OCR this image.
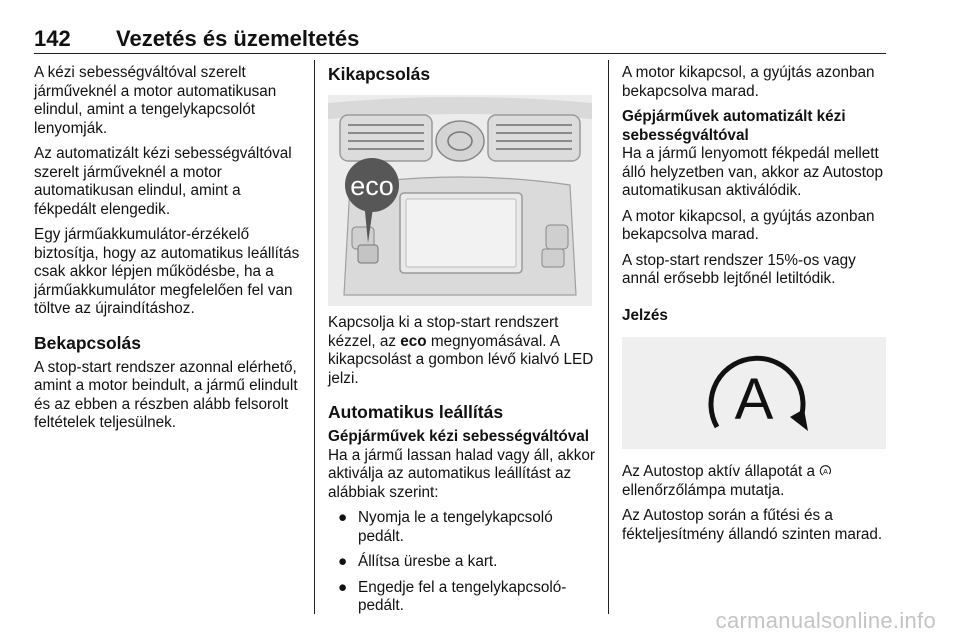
142 Vezetés és üzemeltetés

A kézi sebességváltóval szerelt járműveknél a motor automatikusan elindul, amint a tengelykapcsolót lenyomják.

Az automatizált kézi sebességváltóval szerelt járműveknél a motor automatikusan elindul, amint a fékpedált elengedik.

Egy járműakkumulátor-érzékelő biztosítja, hogy az automatikus leállítás csak akkor lépjen működésbe, ha a járműakkumulátor megfelelően fel van töltve az újraindításhoz.

Bekapcsolás

A stop-start rendszer azonnal elérhető, amint a motor beindult, a jármű elindult és az ebben a részben alább felsorolt feltételek teljesülnek.

Kikapcsolás
eco

Kapcsolja ki a stop-start rendszert kézzel, az eco megnyomásával. A kikapcsolást a gombon lévő kialvó LED jelzi.

Automatikus leállítás
Gépjárművek kézi sebességváltóval

Ha a jármű lassan halad vagy áll, akkor aktiválja az automatikus leállítást az alábbiak szerint:

● Nyomja le a tengelykapcsoló pedált.
● Állítsa üresbe a kart.
● Engedje fel a tengelykapcsoló-pedált.

A motor kikapcsol, a gyújtás azonban bekapcsolva marad.

Gépjárművek automatizált kézi sebességváltóval

Ha a jármű lenyomott fékpedál mellett álló helyzetben van, akkor az Autostop automatikusan aktiválódik.

A motor kikapcsol, a gyújtás azonban bekapcsolva marad.

A stop-start rendszer 15%-os vagy annál erősebb lejtőnél letiltódik.

Jelzés
A

Az Autostop aktív állapotát a A
ellenőrzőlámpa mutatja.

Az Autostop során a fűtési és a fékteljesítmény állandó szinten marad.

carmanualsonline.info
